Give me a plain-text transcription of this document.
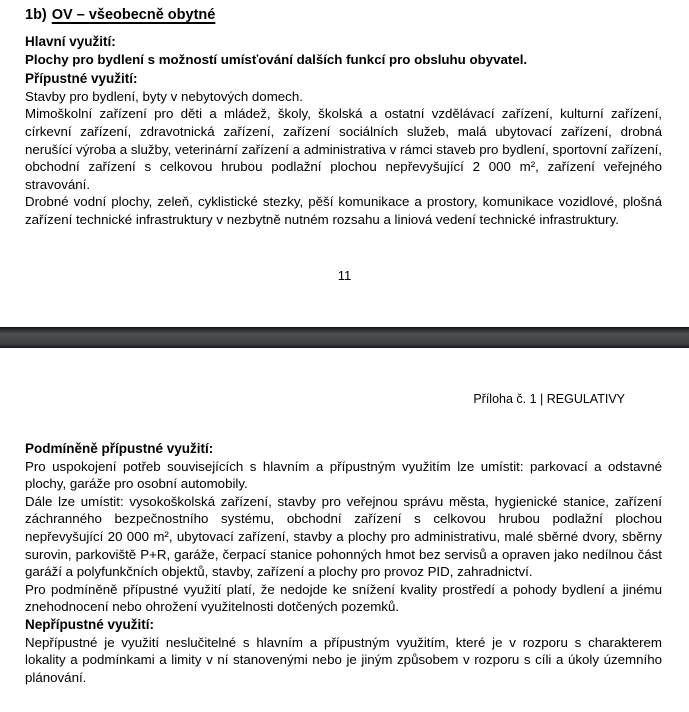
1b) OV – všeobecně obytné

Hlavní využití:

Plochy pro bydlení s možností umísťování dalších funkcí pro obsluhu obyvatel.

Přípustné využití:

Stavby pro bydlení, byty v nebytových domech.

Mimoškolní zařízení pro děti a mládež, školy, školská a ostatní vzdělávací zařízení, kulturní zařízení, církevní zařízení, zdravotnická zařízení, zařízení sociálních služeb, malá ubytovací zařízení, drobná nerušící výroba a služby, veterinární zařízení a administrativa v rámci staveb pro bydlení, sportovní zařízení, obchodní zařízení s celkovou hrubou podlažní plochou nepřevyšující 2 000 m², zařízení veřejného stravování.

Drobné vodní plochy, zeleň, cyklistické stezky, pěší komunikace a prostory, komunikace vozidlové, plošná zařízení technické infrastruktury v nezbytně nutném rozsahu a liniová vedení technické infrastruktury.

11
Příloha č. 1 | REGULATIVY

Podmíněně přípustné využití:

Pro uspokojení potřeb souvisejících s hlavním a přípustným využitím lze umístit: parkovací a odstavné plochy, garáže pro osobní automobily.

Dále lze umístit: vysokoškolská zařízení, stavby pro veřejnou správu města, hygienické stanice, zařízení záchranného bezpečnostního systému, obchodní zařízení s celkovou hrubou podlažní plochou nepřevyšující 20 000 m², ubytovací zařízení, stavby a plochy pro administrativu, malé sběrné dvory, sběrny surovin, parkoviště P+R, garáže, čerpací stanice pohonných hmot bez servisů a opraven jako nedílnou část garáží a polyfunkčních objektů, stavby, zařízení a plochy pro provoz PID, zahradnictví.

Pro podmíněně přípustné využití platí, že nedojde ke snížení kvality prostředí a pohody bydlení a jinému znehodnocení nebo ohrožení využitelnosti dotčených pozemků.

Nepřípustné využití:

Nepřípustné je využití neslučitelné s hlavním a přípustným využitím, které je v rozporu s charakterem lokality a podmínkami a limity v ní stanovenými nebo je jiným způsobem v rozporu s cíli a úkoly územního plánování.
